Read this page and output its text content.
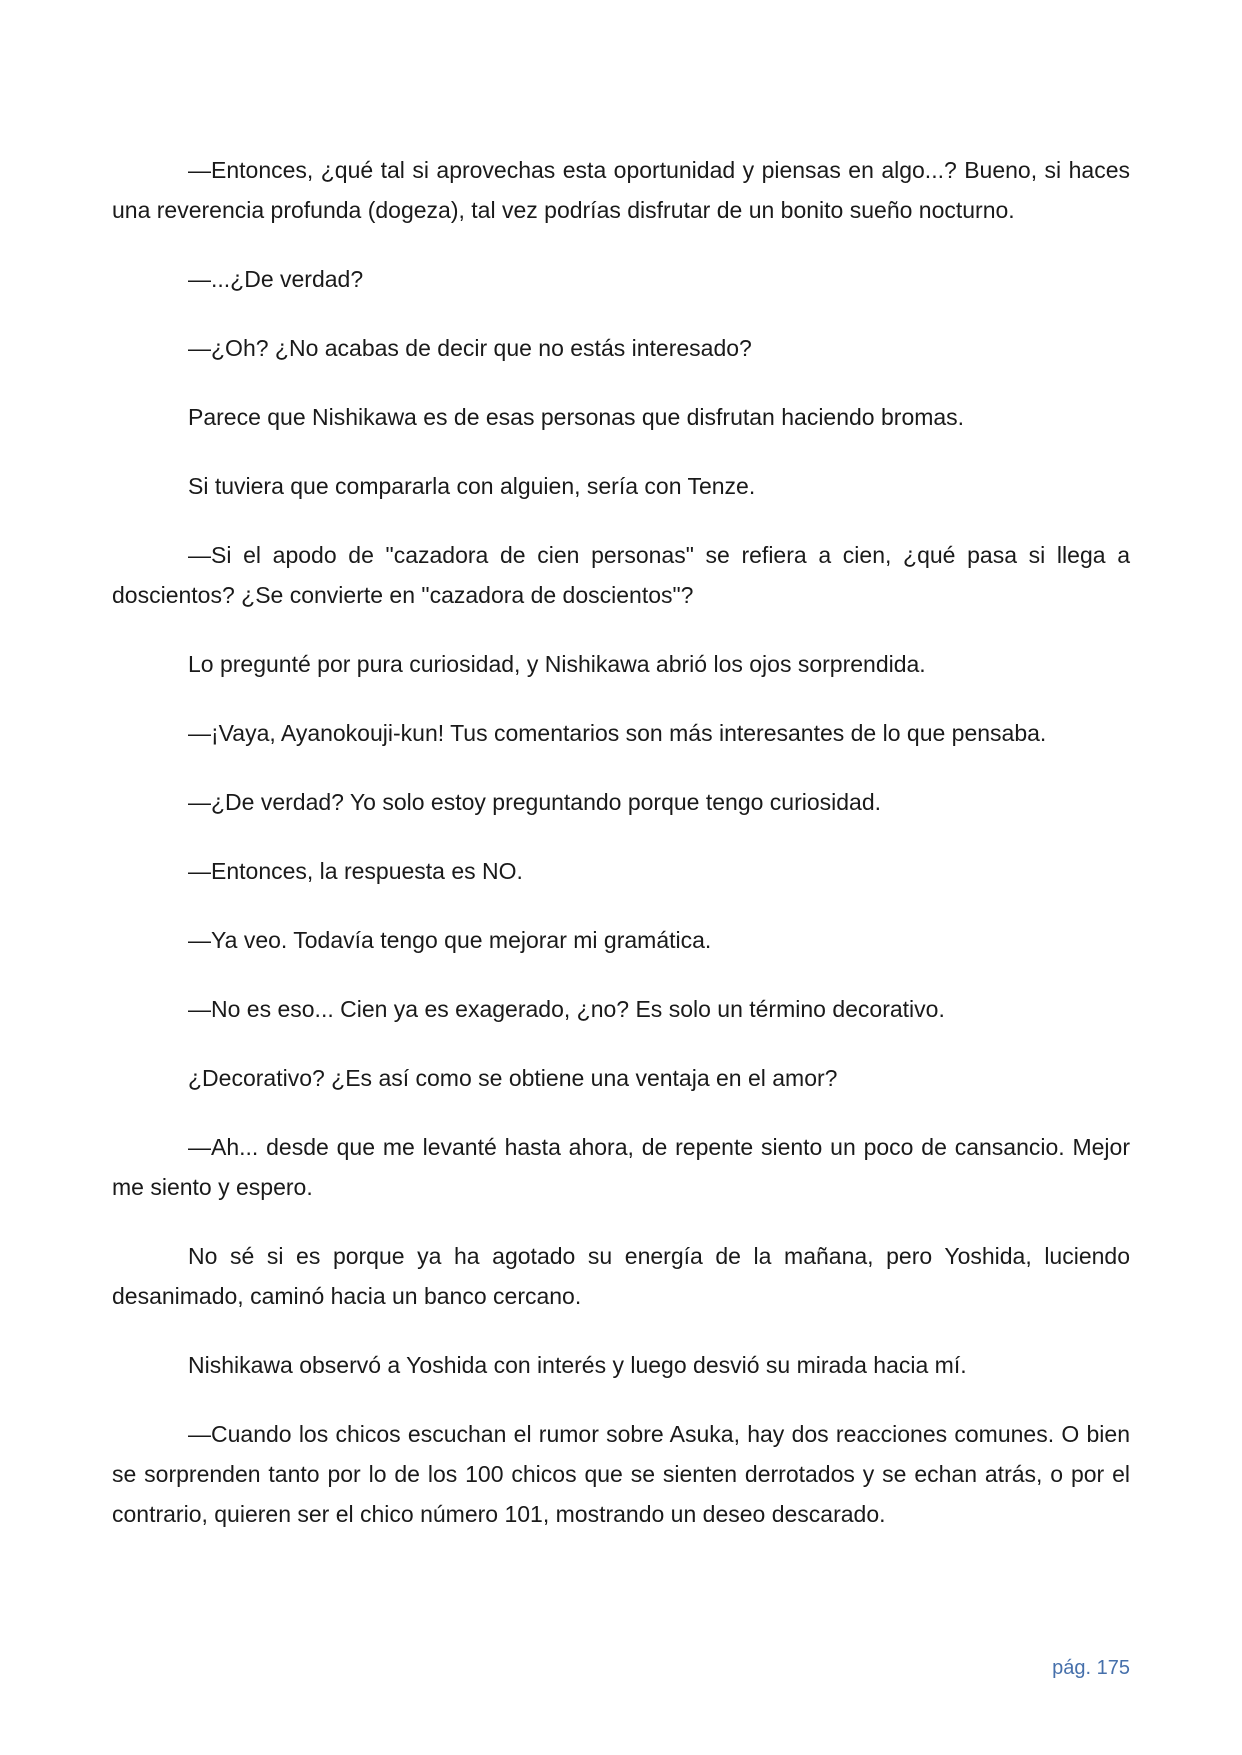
—Entonces, ¿qué tal si aprovechas esta oportunidad y piensas en algo...? Bueno, si haces una reverencia profunda (dogeza), tal vez podrías disfrutar de un bonito sueño nocturno.

—...¿De verdad?

—¿Oh? ¿No acabas de decir que no estás interesado?

Parece que Nishikawa es de esas personas que disfrutan haciendo bromas.

Si tuviera que compararla con alguien, sería con Tenze.

—Si el apodo de "cazadora de cien personas" se refiera a cien, ¿qué pasa si llega a doscientos? ¿Se convierte en "cazadora de doscientos"?

Lo pregunté por pura curiosidad, y Nishikawa abrió los ojos sorprendida.

—¡Vaya, Ayanokouji-kun! Tus comentarios son más interesantes de lo que pensaba.

—¿De verdad? Yo solo estoy preguntando porque tengo curiosidad.

—Entonces, la respuesta es NO.

—Ya veo. Todavía tengo que mejorar mi gramática.

—No es eso... Cien ya es exagerado, ¿no? Es solo un término decorativo.

¿Decorativo? ¿Es así como se obtiene una ventaja en el amor?

—Ah... desde que me levanté hasta ahora, de repente siento un poco de cansancio. Mejor me siento y espero.

No sé si es porque ya ha agotado su energía de la mañana, pero Yoshida, luciendo desanimado, caminó hacia un banco cercano.

Nishikawa observó a Yoshida con interés y luego desvió su mirada hacia mí.

—Cuando los chicos escuchan el rumor sobre Asuka, hay dos reacciones comunes. O bien se sorprenden tanto por lo de los 100 chicos que se sienten derrotados y se echan atrás, o por el contrario, quieren ser el chico número 101, mostrando un deseo descarado.

pág. 175
